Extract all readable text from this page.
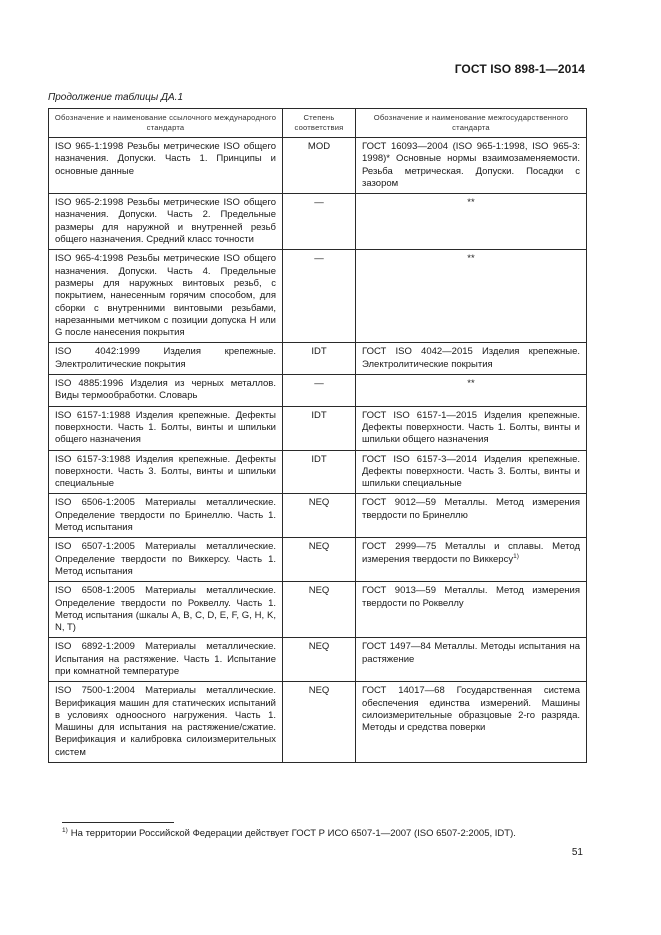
ГОСТ ISO 898-1—2014
Продолжение таблицы ДА.1
Обозначение и наименование ссылочного международного стандарта	Степень соответствия	Обозначение и наименование межгосударственного стандарта
ISO 965-1:1998 Резьбы метрические ISO общего назначения. Допуски. Часть 1. Принципы и основные данные	MOD	ГОСТ 16093—2004 (ISO 965-1:1998, ISO 965-3: 1998)* Основные нормы взаимозаменяемости. Резьба метрическая. Допуски. Посадки с зазором
ISO 965-2:1998 Резьбы метрические ISO общего назначения. Допуски. Часть 2. Предельные размеры для наружной и внутренней резьб общего назначения. Средний класс точности	—	**
ISO 965-4:1998 Резьбы метрические ISO общего назначения. Допуски. Часть 4. Предельные размеры для наружных винтовых резьб, с покрытием, нанесенным горячим способом, для сборки с внутренними винтовыми резьбами, нарезанными метчиком с позиции допуска H или G после нанесения покрытия	—	**
ISO 4042:1999 Изделия крепежные. Электролитические покрытия	IDT	ГОСТ ISO 4042—2015 Изделия крепежные. Электролитические покрытия
ISO 4885:1996 Изделия из черных металлов. Виды термообработки. Словарь	—	**
ISO 6157-1:1988 Изделия крепежные. Дефекты поверхности. Часть 1. Болты, винты и шпильки общего назначения	IDT	ГОСТ ISO 6157-1—2015 Изделия крепежные. Дефекты поверхности. Часть 1. Болты, винты и шпильки общего назначения
ISO 6157-3:1988 Изделия крепежные. Дефекты поверхности. Часть 3. Болты, винты и шпильки специальные	IDT	ГОСТ ISO 6157-3—2014 Изделия крепежные. Дефекты поверхности. Часть 3. Болты, винты и шпильки специальные
ISO 6506-1:2005 Материалы металлические. Определение твердости по Бринеллю. Часть 1. Метод испытания	NEQ	ГОСТ 9012—59 Металлы. Метод измерения твердости по Бринеллю
ISO 6507-1:2005 Материалы металлические. Определение твердости по Виккерсу. Часть 1. Метод испытания	NEQ	ГОСТ 2999—75 Металлы и сплавы. Метод измерения твердости по Виккерсу$^{1)}$
ISO 6508-1:2005 Материалы металлические. Определение твердости по Роквеллу. Часть 1. Метод испытания (шкалы A, B, C, D, E, F, G, H, K, N, T)	NEQ	ГОСТ 9013—59 Металлы. Метод измерения твердости по Роквеллу
ISO 6892-1:2009 Материалы металлические. Испытания на растяжение. Часть 1. Испытание при комнатной температуре	NEQ	ГОСТ 1497—84 Металлы. Методы испытания на растяжение
ISO 7500-1:2004 Материалы металлические. Верификация машин для статических испытаний в условиях одноосного нагружения. Часть 1. Машины для испытания на растяжение/сжатие. Верификация и калибровка силоизмерительных систем	NEQ	ГОСТ 14017—68 Государственная система обеспечения единства измерений. Машины силоизмерительные образцовые 2-го разряда. Методы и средства поверки
$^{1)}$ На территории Российской Федерации действует ГОСТ Р ИСО 6507-1—2007 (ISO 6507-2:2005, IDT).
51
